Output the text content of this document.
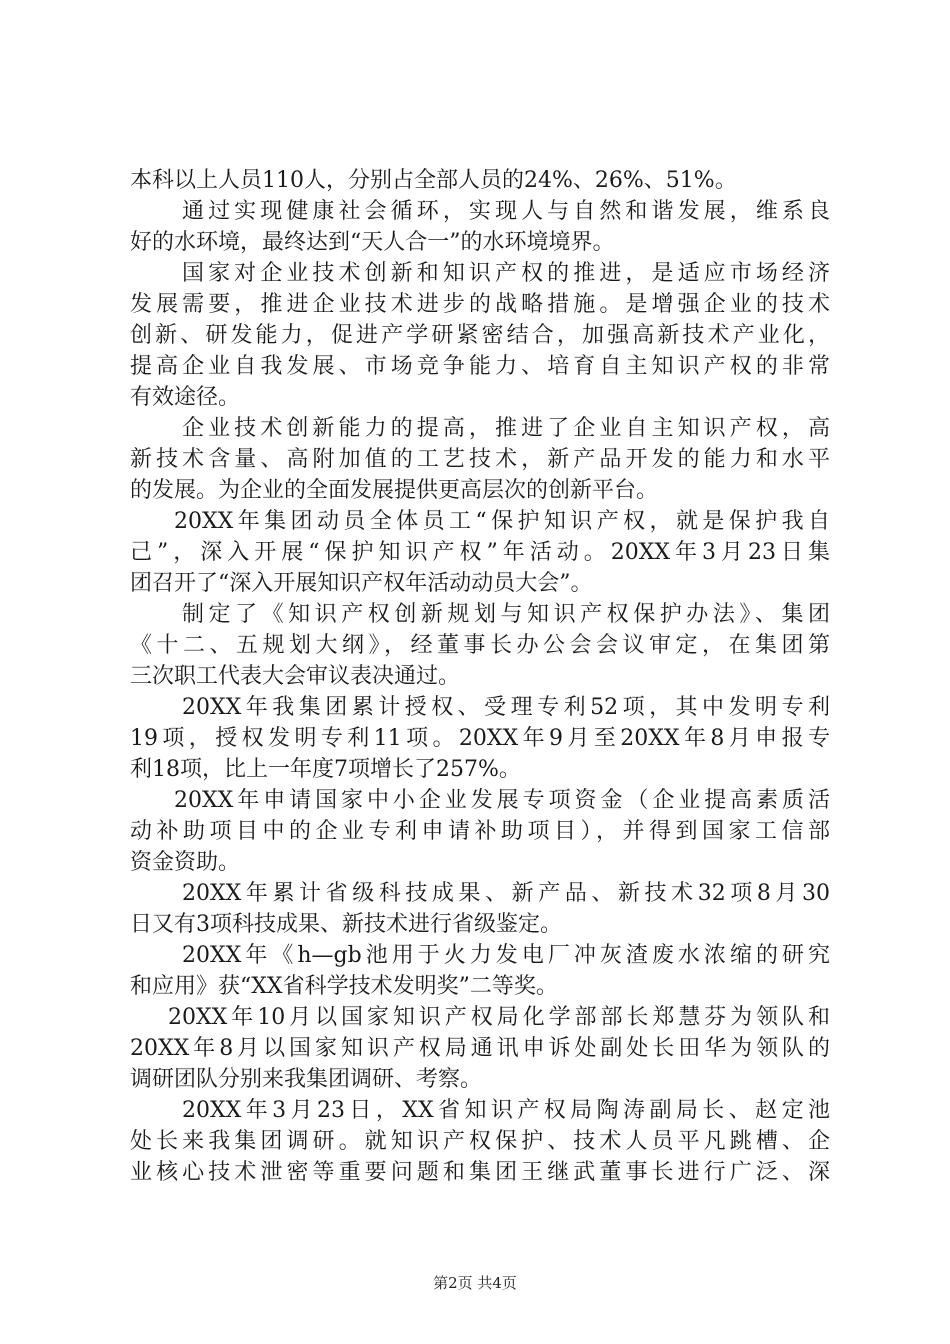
本科以上人员110人，分别占全部人员的24%、26%、51%。
通过实现健康社会循环，实现人与自然和谐发展，维系良
好的水环境，最终达到“天人合一”的水环境境界。
国家对企业技术创新和知识产权的推进，是适应市场经济
发展需要，推进企业技术进步的战略措施。是增强企业的技术
创新、研发能力，促进产学研紧密结合，加强高新技术产业化，
提高企业自我发展、市场竞争能力、培育自主知识产权的非常
有效途径。
企业技术创新能力的提高，推进了企业自主知识产权，高
新技术含量、高附加值的工艺技术，新产品开发的能力和水平
的发展。为企业的全面发展提供更高层次的创新平台。
20XX年集团动员全体员工“保护知识产权，就是保护我自
己”，深入开展“保护知识产权”年活动。20XX年3月23日集
团召开了“深入开展知识产权年活动动员大会”。
制定了《知识产权创新规划与知识产权保护办法》、集团
《十二、五规划大纲》，经董事长办公会会议审定，在集团第
三次职工代表大会审议表决通过。
20XX年我集团累计授权、受理专利52项，其中发明专利
19项，授权发明专利11项。20XX年9月至20XX年8月申报专
利18项，比上一年度7项增长了257%。
20XX年申请国家中小企业发展专项资金（企业提高素质活
动补助项目中的企业专利申请补助项目），并得到国家工信部
资金资助。
20XX年累计省级科技成果、新产品、新技术32项8月30
日又有3项科技成果、新技术进行省级鉴定。
20XX年《h—gb池用于火力发电厂冲灰渣废水浓缩的研究
和应用》获“XX省科学技术发明奖”二等奖。
20XX年10月以国家知识产权局化学部部长郑慧芬为领队和
20XX年8月以国家知识产权局通讯申诉处副处长田华为领队的
调研团队分别来我集团调研、考察。
20XX年3月23日，XX省知识产权局陶涛副局长、赵定池
处长来我集团调研。就知识产权保护、技术人员平凡跳槽、企
业核心技术泄密等重要问题和集团王继武董事长进行广泛、深
第2页 共4页
